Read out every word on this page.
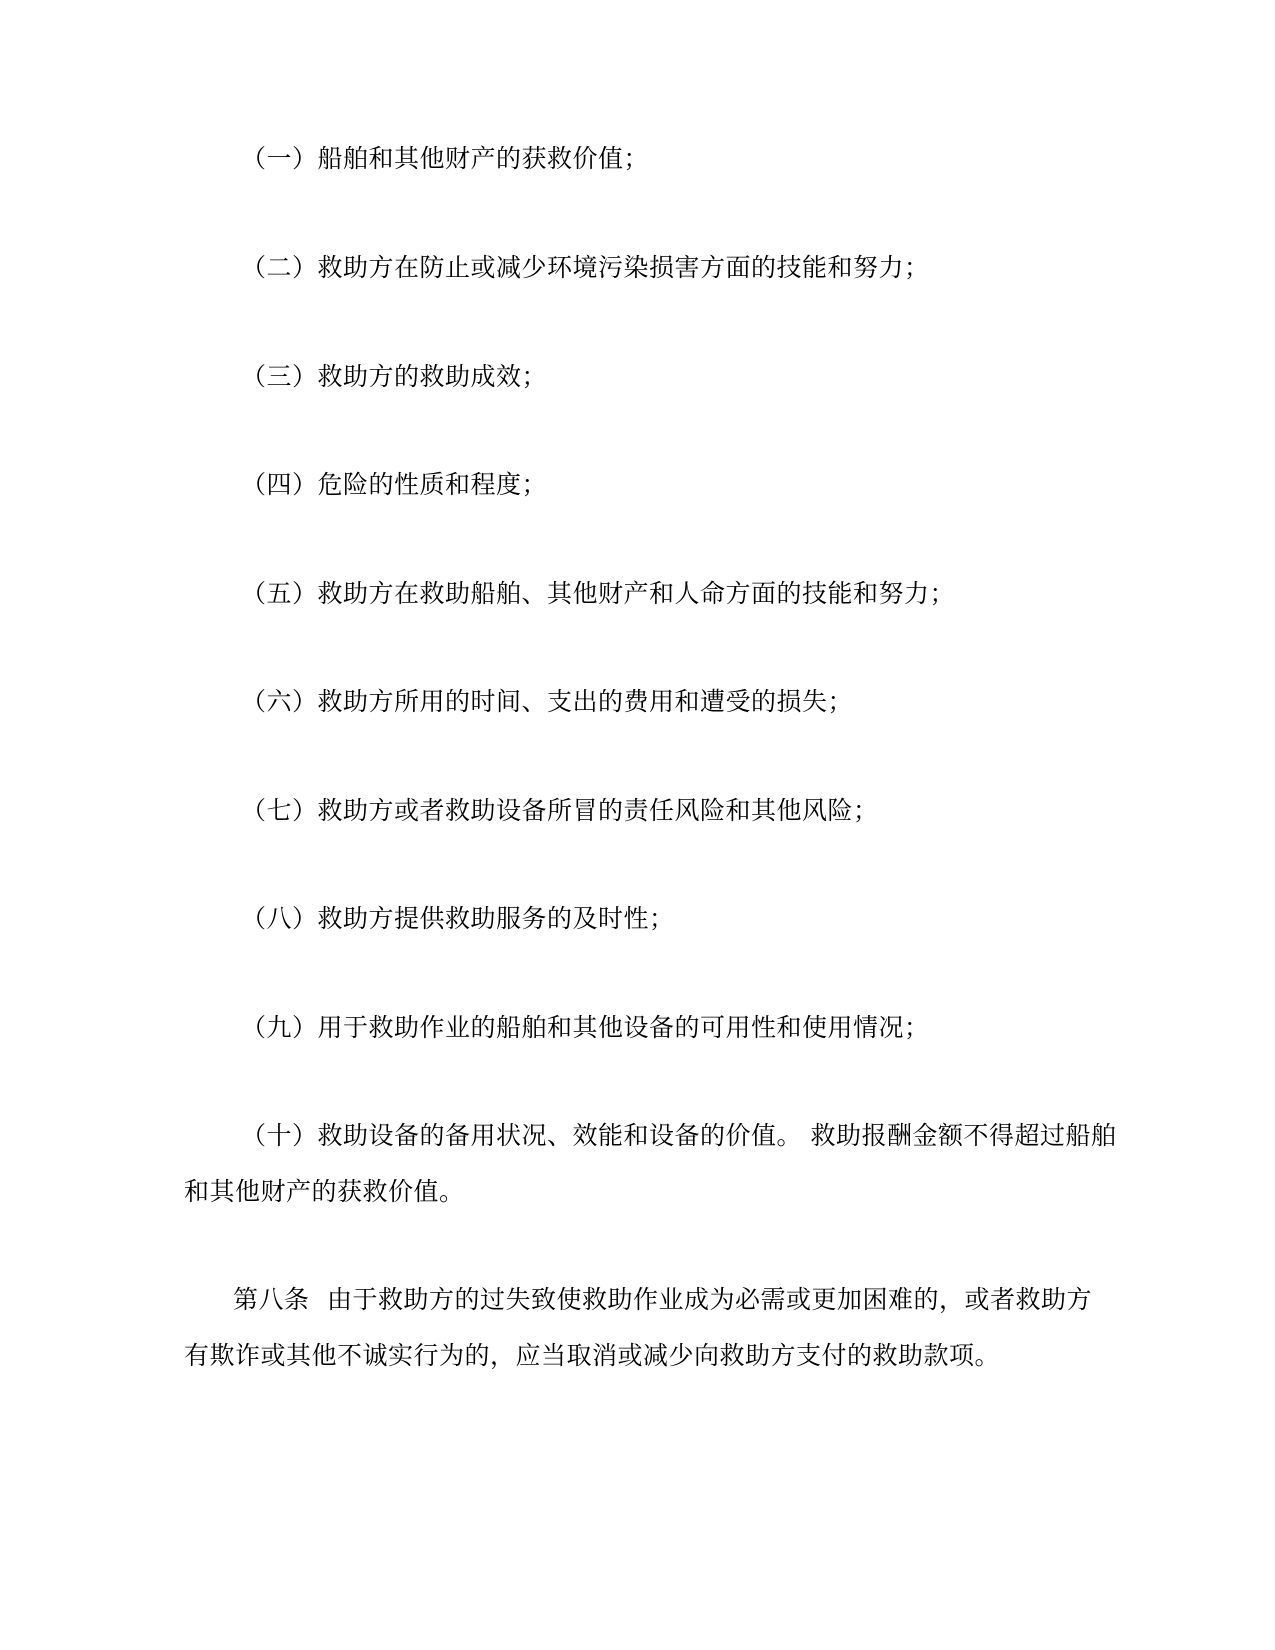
（一）船舶和其他财产的获救价值；

（二）救助方在防止或减少环境污染损害方面的技能和努力；

（三）救助方的救助成效；

（四）危险的性质和程度；

（五）救助方在救助船舶、其他财产和人命方面的技能和努力；

（六）救助方所用的时间、支出的费用和遭受的损失；

（七）救助方或者救助设备所冒的责任风险和其他风险；

（八）救助方提供救助服务的及时性；

（九）用于救助作业的船舶和其他设备的可用性和使用情况；

（十）救助设备的备用状况、效能和设备的价值。 救助报酬金额不得超过船舶

和其他财产的获救价值。

第八条 由于救助方的过失致使救助作业成为必需或更加困难的，或者救助方

有欺诈或其他不诚实行为的，应当取消或减少向救助方支付的救助款项。
